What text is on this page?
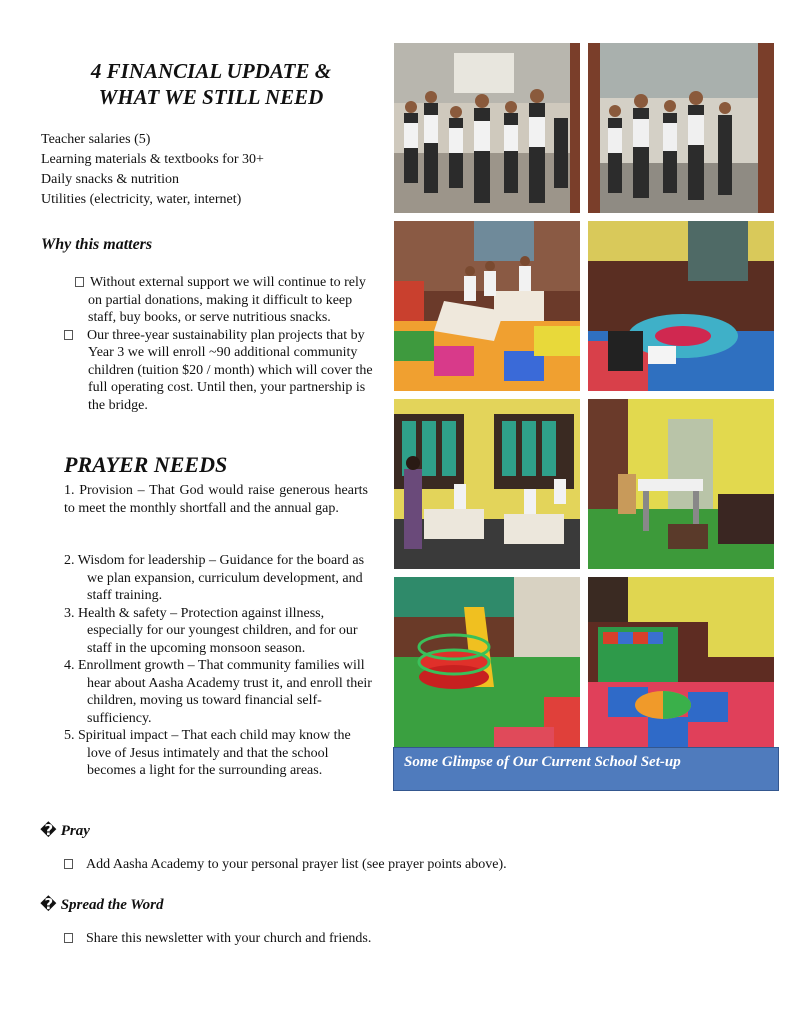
4 FINANCIAL UPDATE &
WHAT WE STILL NEED
Teacher salaries (5)
Learning materials & textbooks for 30+
Daily snacks & nutrition
Utilities (electricity, water, internet)
Why this matters
Without external support we will continue to rely on partial donations, making it difficult to keep staff, buy books, or serve nutritious snacks.
Our three-year sustainability plan projects that by Year 3 we will enroll ~90 additional community children (tuition $20 / month) which will cover the full operating cost. Until then, your partnership is the bridge.
PRAYER NEEDS
1. Provision – That God would raise generous hearts to meet the monthly shortfall and the annual gap.
2. Wisdom for leadership – Guidance for the board as we plan expansion, curriculum development, and staff training.
3. Health & safety – Protection against illness, especially for our youngest children, and for our staff in the upcoming monsoon season.
4. Enrollment growth – That community families will hear about Aasha Academy trust it, and enroll their children, moving us toward financial self-sufficiency.
5. Spiritual impact – That each child may know the love of Jesus intimately and that the school becomes a light for the surrounding areas.
Some Glimpse of Our Current School Set-up
� Pray
Add Aasha Academy to your personal prayer list (see prayer points above).
� Spread the Word
Share this newsletter with your church and friends.
